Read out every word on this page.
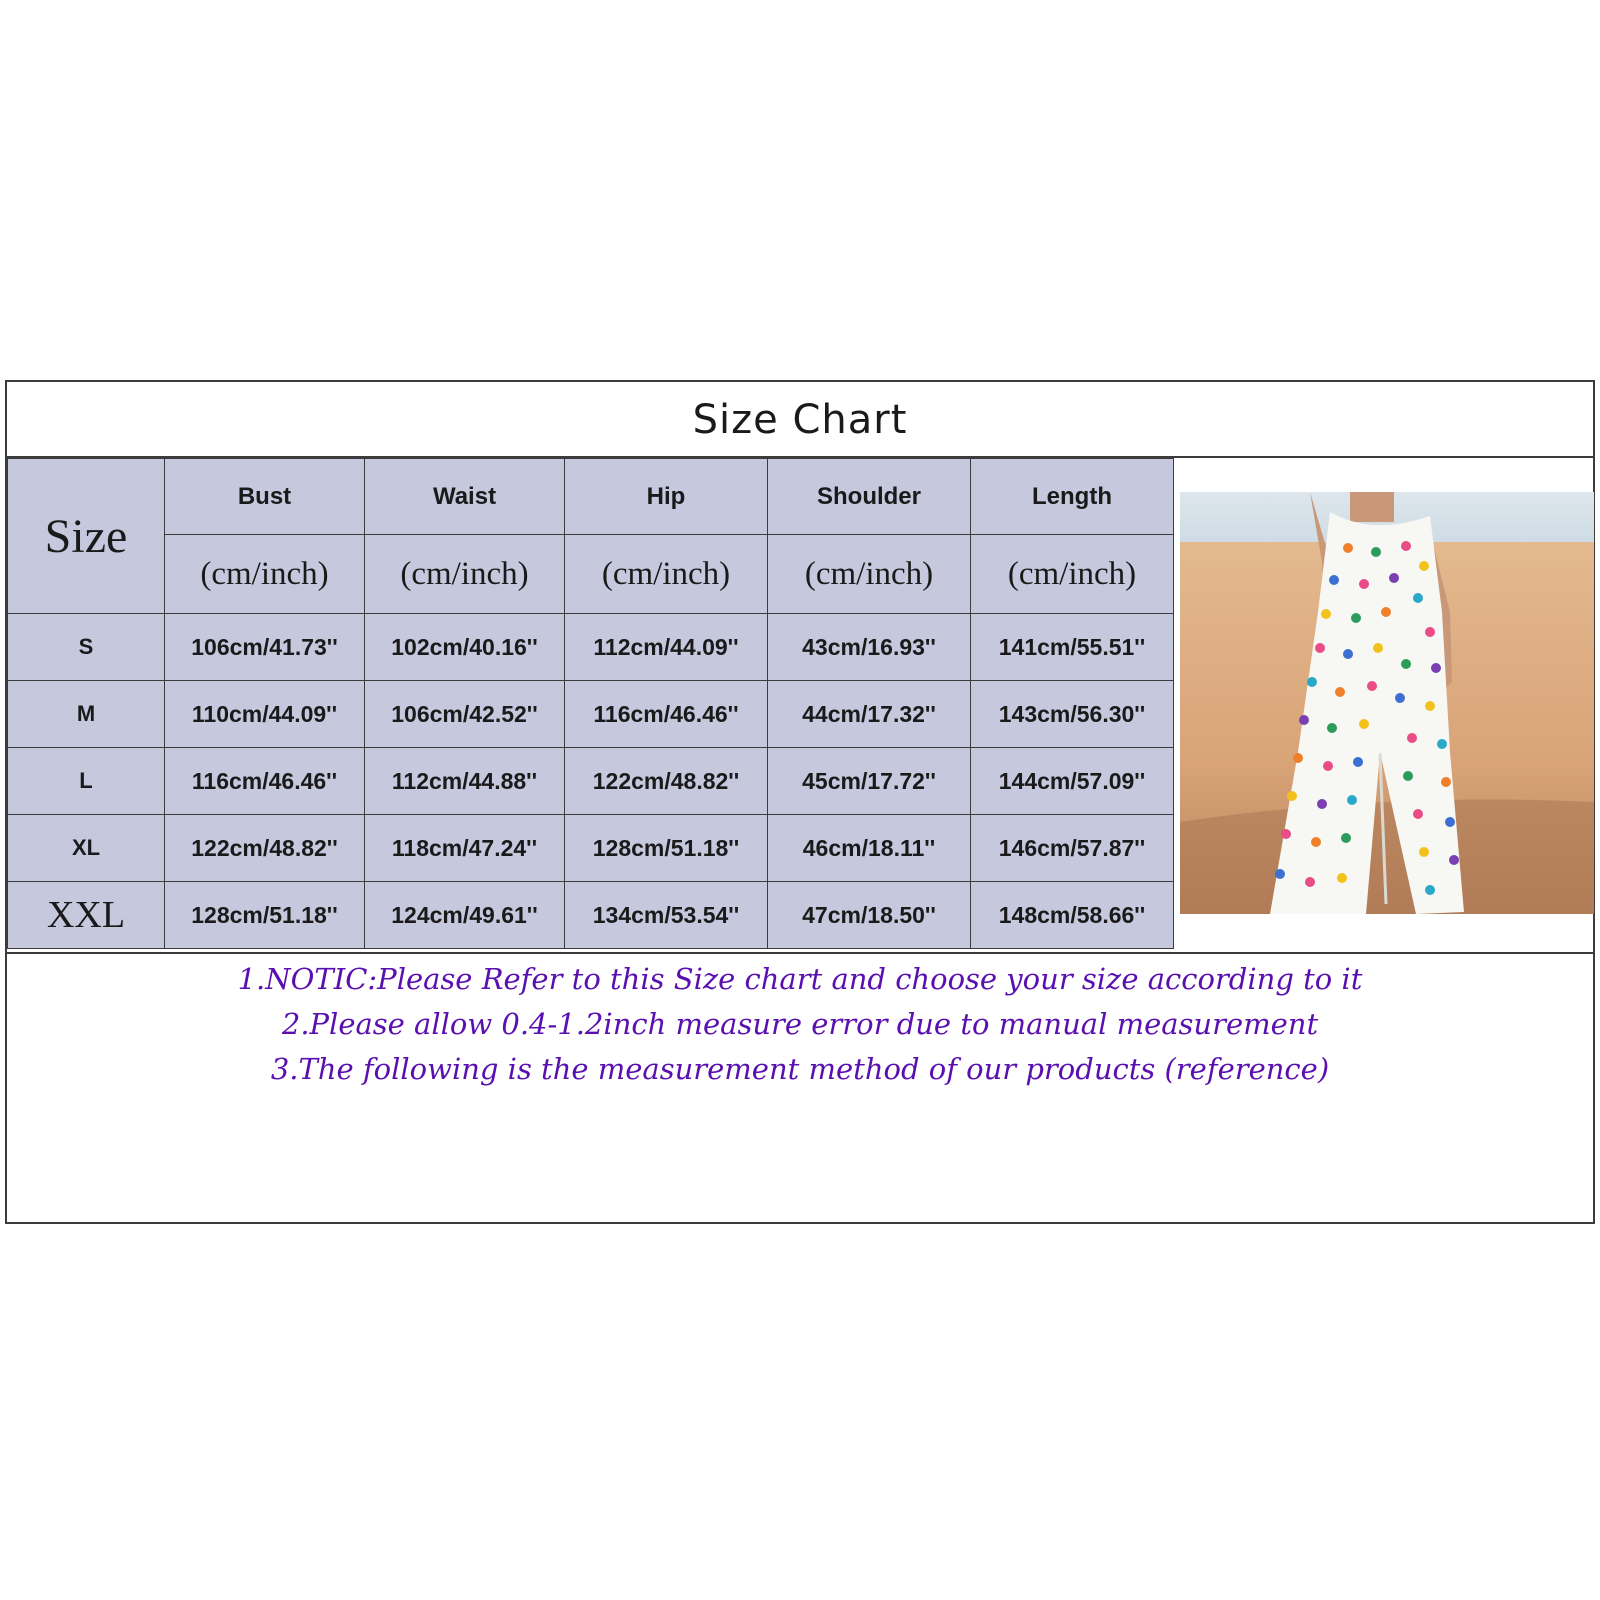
Size Chart
Size	Bust	Waist	Hip	Shoulder	Length
	(cm/inch)	(cm/inch)	(cm/inch)	(cm/inch)	(cm/inch)
S	106cm/41.73''	102cm/40.16''	112cm/44.09''	43cm/16.93''	141cm/55.51''
M	110cm/44.09''	106cm/42.52''	116cm/46.46''	44cm/17.32''	143cm/56.30''
L	116cm/46.46''	112cm/44.88''	122cm/48.82''	45cm/17.72''	144cm/57.09''
XL	122cm/48.82''	118cm/47.24''	128cm/51.18''	46cm/18.11''	146cm/57.87''
XXL	128cm/51.18''	124cm/49.61''	134cm/53.54''	47cm/18.50''	148cm/58.66''
1.NOTIC:Please Refer to this Size chart and choose your size according to it
2.Please allow 0.4-1.2inch measure error due to manual measurement
3.The following is the measurement method of our products (reference)
